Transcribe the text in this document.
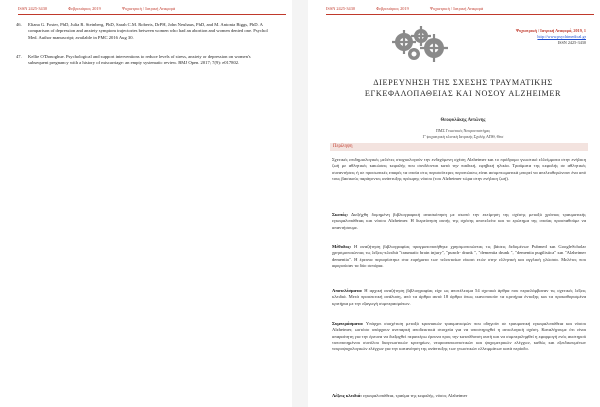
ISSN 2425-3430	Φεβρουάριος 2019	Ψυχιατρική / Ιατρική Αναφορά
46. Eliana G. Foster, PhD, Julia R. Steinberg, PhD, Sarah C.M. Roberts, DrPH, John Neuhaus, PhD, and M. Antonia Biggs, PhD. A comparison of depression and anxiety symptom trajectories between women who had an abortion and women denied one. Psychol Med. Author manuscript; available in PMC 2016 Aug 30.
47. Kellie O'Donoghue. Psychological and support interventions to reduce levels of stress, anxiety or depression on women's subsequent pregnancy with a history of miscarriage: an empty systematic review. BMJ Open. 2017; 7(9): e017802.
ISSN 2425-3430	Φεβρουάριος 2019	Ψυχιατρική / Ιατρική Αναφορά
Ψυχιατρική / Ιατρική Αναφορά, 2019, 1
http://www.psychimedical.gr
ISSN 2425-3430
ΔΙΕΡΕΥΝΗΣΗ ΤΗΣ ΣΧΕΣΗΣ ΤΡΑΥΜΑΤΙΚΗΣ
ΕΓΚΕΦΑΛΟΠΑΘΕΙΑΣ ΚΑΙ ΝΟΣΟΥ ALZHEIMER
Θεοφυλάκης Αντώνης
ΠΜΣ Γνωστικές Νευροεπιστήμες
Γ' ψυχιατρική κλινική Ιατρικής Σχολής ΑΠΘ, Θεσ
Περίληψη
Σχετικές επιδημιολογικές μελέτες σταχυολογούν την ενδεχόμενη σχέση Alzheimer και το πρόδρομο γνωστικό ελλείμματα στην ενήλικη ζωή με αθλητικές κακώσεις κεφαλής που συνδέονται κατά την παιδική, εφηβική ηλικία. Τραύματα της κεφαλής σε αθλητικές συναντήσεις ή σε προσωπικές επαφές τα οποία στις περισσότερες περιπτώσεις είναι ασυμπτωματικά μπορεί να απελευθερώνουν ένα από τους βασικούς παράγοντες ανάπτυξης πρόωρης νόσου (του Alzheimer τώρα στην ενήλικη ζωή).
Σκοπός: Διεξήχθη δομημένη βιβλιογραφική ανασκόπηση με σκοπό την εκτίμηση της σχέσης μεταξύ χρόνιας τραυματικής εγκεφαλοπάθειας και νόσου Alzheimer. Η διερεύνηση αυτής της σχέσης αποτελείτε και το ερώτημα της οποίας προσπαθούμε να απαντήσουμε.
Μέθοδος: Η αναζήτηση βιβλιογραφίας πραγματοποιήθηκε χρησιμοποιώντας τις βάσεις δεδομένων Pubmed και GoogleScholar χρησιμοποιώντας τις λέξεις-κλειδιά "traumatic brain injury", "punch- drunk ", "dementia drunk ", "dementia pugilistica" και "Alzheimer dementia". Η έρευνα περιορίστηκε στα ευρήματα των τελευταίων είκοσι ετών στην ελληνική και αγγλική γλώσσα. Μελέτες που αφορούσαν τα δύο σενάρια.
Αποτελέσματα: Η αρχική αναζήτηση βιβλιογραφίας είχε ως αποτέλεσμα 54 σχετικά άρθρα που περιελάμβαναν τις σχετικές λέξεις κλειδιά. Μετά προσεκτική ανάλυση, από τα άρθρα αυτά 18 άρθρα όπως ικανοποιούν τα κριτήρια ένταξης και τα προκαθορισμένα κριτήρια με την εξαγωγή συμπερασμάτων.
Συμπεράσματα: Υπάρχει συσχέτιση μεταξύ κρανιακών τραυματισμών που οδηγούν σε τραυματική εγκεφαλοπάθεια και νόσου Alzheimer, ωστόσο υπάρχουν ανεπαρκή αποδεικτικά στοιχεία για να υποστηριχθεί η αιτιολογική σχέση. Καταλήγουμε ότι είναι απαραίτητη για την έρευνα να διεξαχθεί περαιτέρω έρευνα προς την κατεύθυνση αυτή και να συμπεριληφθεί η εφαρμογή ενός αυστηρού τυποποιημένου συνόλου διαγνωστικών κριτηρίων, νευροαπεικονιστικών και ψυχομετρικών ελέγχων, καθώς και εξειδικευμένων νευροψυχολογικών ελέγχων για την κατανόηση της ανάπτυξης των γνωστικών ελλειμμάτων κατά περίοδο.
Λέξεις κλειδιά: εγκεφαλοπάθεια, τραύμα της κεφαλής, νόσος Alzheimer
